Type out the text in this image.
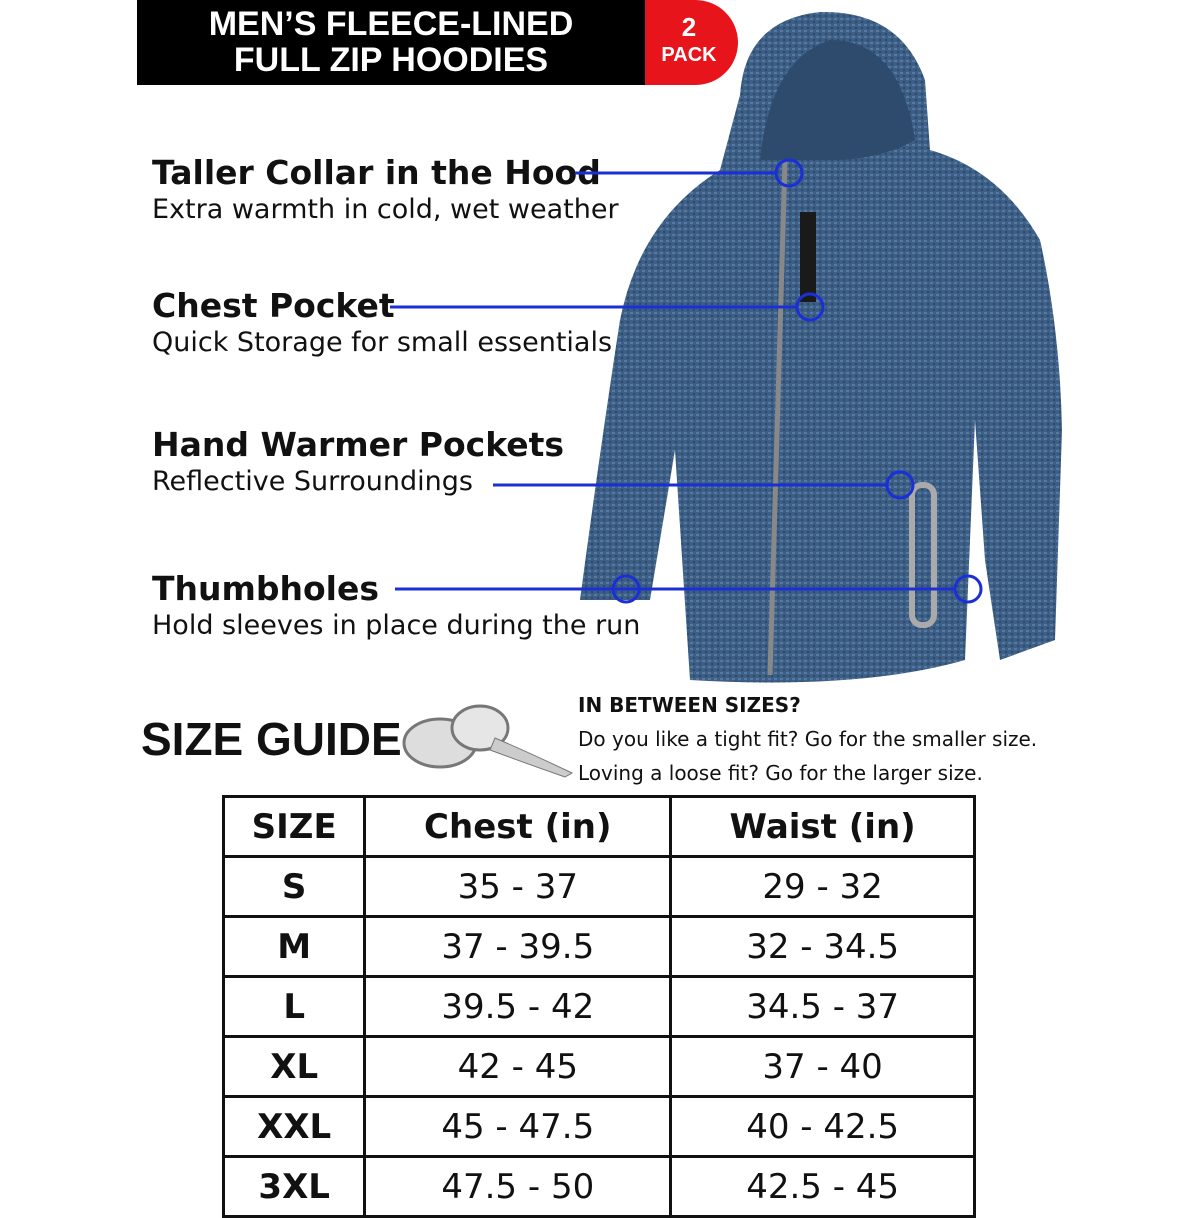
MEN’S FLEECE-LINED
FULL ZIP HOODIES
2
PACK
Taller Collar in the Hood
Extra warmth in cold, wet weather
Chest Pocket
Quick Storage for small essentials
Hand Warmer Pockets
Reflective Surroundings
Thumbholes
Hold sleeves in place during the run
SIZE GUIDE
IN BETWEEN SIZES?
Do you like a tight fit? Go for the smaller size.
Loving a loose fit? Go for the larger size.
SIZE	Chest (in)	Waist (in)
S	35 - 37	29 - 32
M	37 - 39.5	32 - 34.5
L	39.5 - 42	34.5 - 37
XL	42 - 45	37 - 40
XXL	45 - 47.5	40 - 42.5
3XL	47.5 - 50	42.5 - 45
